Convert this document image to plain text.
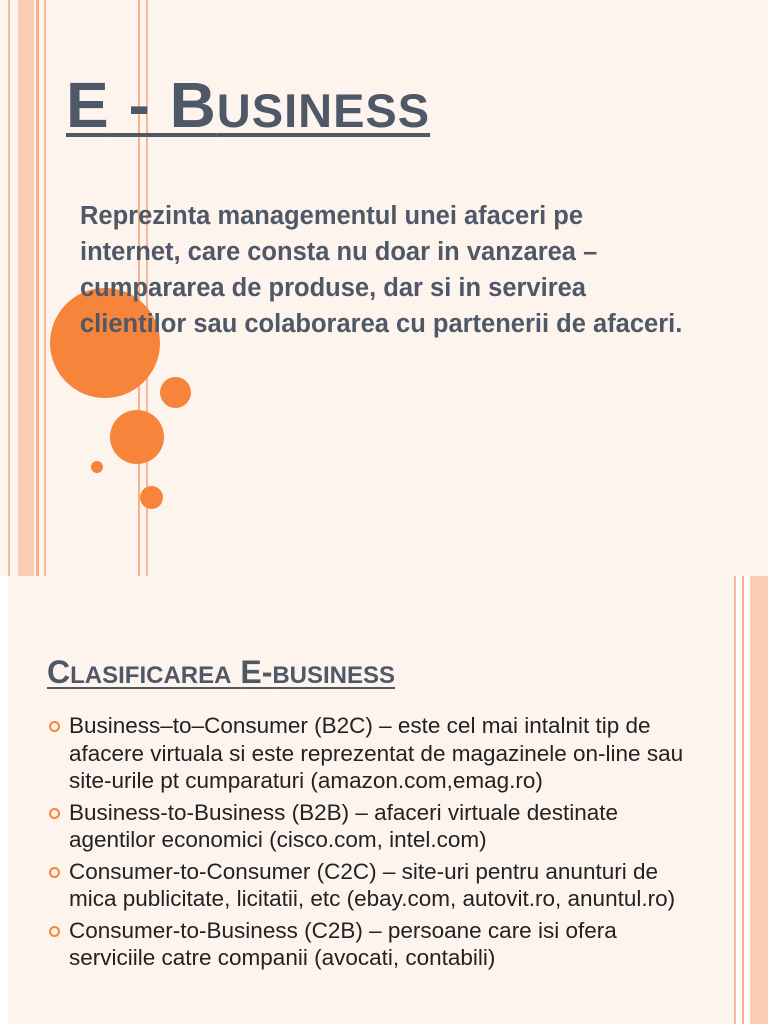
E - BUSINESS

Reprezinta managementul unei afaceri pe internet, care consta nu doar in vanzarea – cumpararea de produse, dar si in servirea clientilor sau colaborarea cu partenerii de afaceri.

CLASIFICAREA E-BUSINESS
Business–to–Consumer (B2C) – este cel mai intalnit tip de afacere virtuala si este reprezentat de magazinele on-line sau site-urile pt cumparaturi (amazon.com,emag.ro)
Business-to-Business (B2B) – afaceri virtuale destinate agentilor economici (cisco.com, intel.com)
Consumer-to-Consumer (C2C) – site-uri pentru anunturi de mica publicitate, licitatii, etc (ebay.com, autovit.ro, anuntul.ro)
Consumer-to-Business (C2B) – persoane care isi ofera serviciile catre companii (avocati, contabili)
